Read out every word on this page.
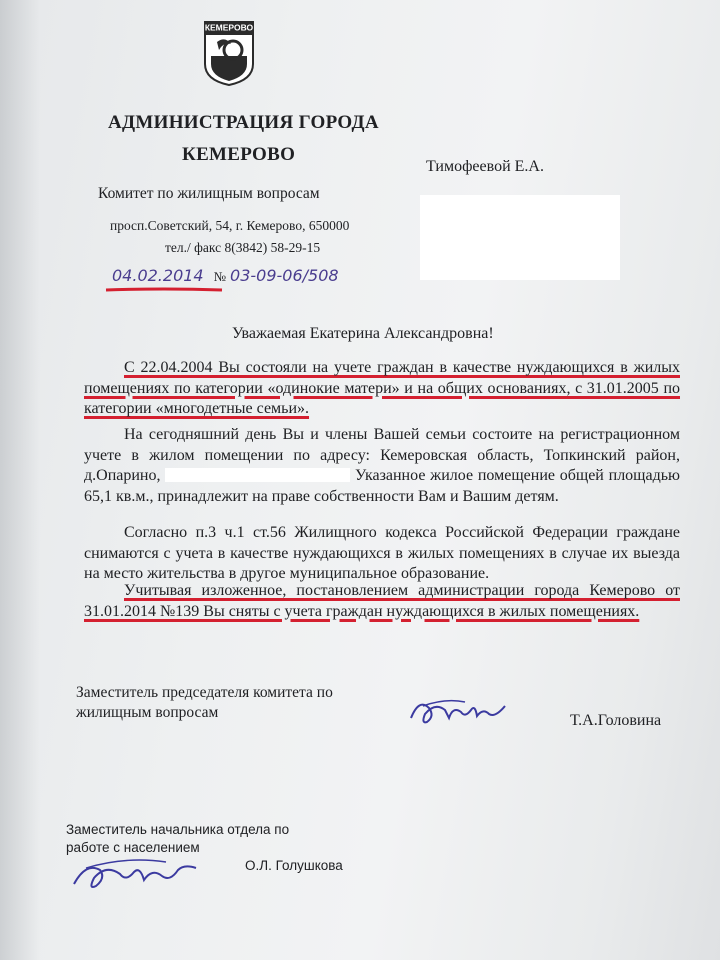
КЕМЕРОВО
АДМИНИСТРАЦИЯ ГОРОДА
КЕМЕРОВО
Комитет по жилищным вопросам
просп.Советский, 54, г. Кемерово, 650000
тел./ факс 8(3842) 58-29-15
04.02.2014 № 03-09-06/508
Тимофеевой Е.А.
Уважаемая Екатерина Александровна!
С 22.04.2004 Вы состояли на учете граждан в качестве нуждающихся в жилых помещениях по категории «одинокие матери» и на общих основаниях, с 31.01.2005 по категории «многодетные семьи».
На сегодняшний день Вы и члены Вашей семьи состоите на регистрационном учете в жилом помещении по адресу: Кемеровская область, Топкинский район, д.Опарино,	Указанное жилое помещение общей площадью 65,1 кв.м., принадлежит на праве собственности Вам и Вашим детям.
Согласно п.3 ч.1 ст.56 Жилищного кодекса Российской Федерации граждане снимаются с учета в качестве нуждающихся в жилых помещениях в случае их выезда на место жительства в другое муниципальное образование.
Учитывая изложенное, постановлением администрации города Кемерово от 31.01.2014 №139 Вы сняты с учета граждан нуждающихся в жилых помещениях.
Заместитель председателя комитета по жилищным вопросам	Т.А.Головина
Заместитель начальника отдела по работе с населением
О.Л. Голушкова
